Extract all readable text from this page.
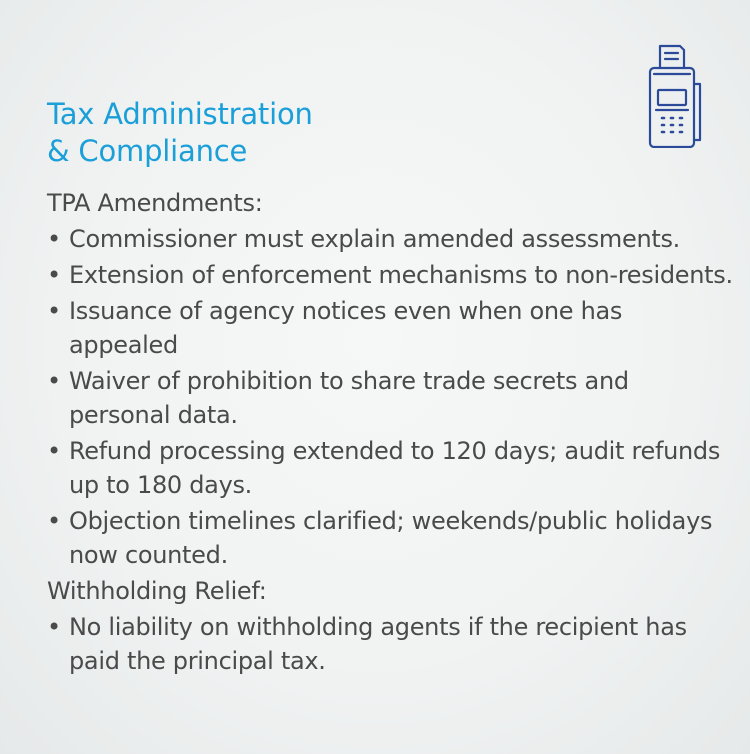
Tax Administration
& Compliance
TPA Amendments:
• Commissioner must explain amended assessments.
• Extension of enforcement mechanisms to non-residents.
• Issuance of agency notices even when one has appealed
• Waiver of prohibition to share trade secrets and personal data.
• Refund processing extended to 120 days; audit refunds up to 180 days.
• Objection timelines clarified; weekends/public holidays now counted.
Withholding Relief:
• No liability on withholding agents if the recipient has paid the principal tax.
